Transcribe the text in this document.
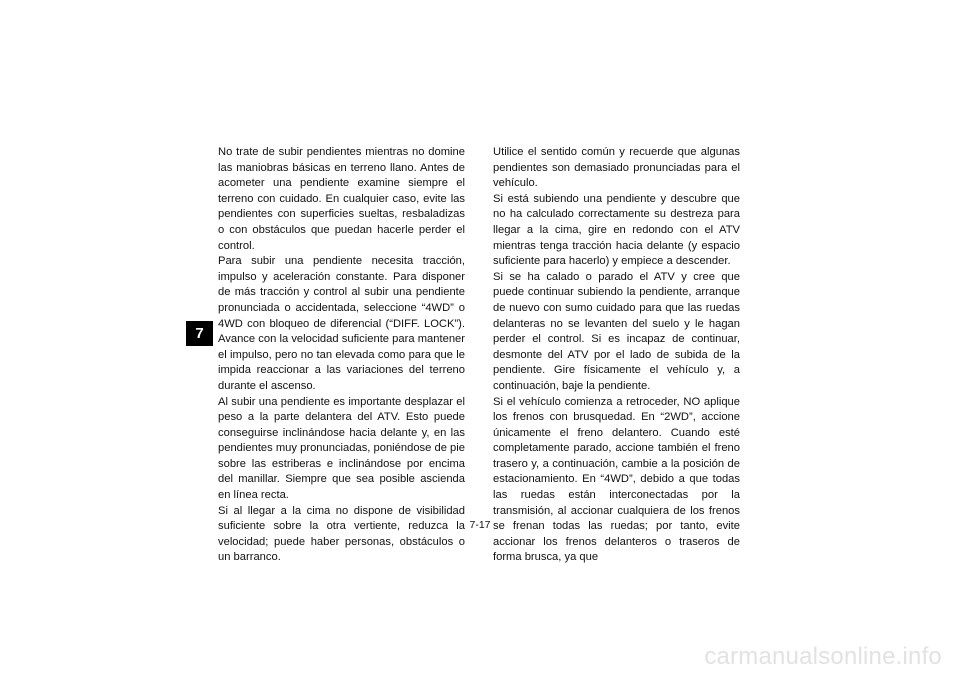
7

No trate de subir pendientes mientras no domine las maniobras básicas en terreno llano. Antes de acometer una pendiente examine siempre el terreno con cuidado. En cualquier caso, evite las pendientes con superficies sueltas, resbaladizas o con obstáculos que puedan hacerle perder el control.

Para subir una pendiente necesita tracción, impulso y aceleración constante. Para disponer de más tracción y control al subir una pendiente pronunciada o accidentada, seleccione “4WD” o 4WD con bloqueo de diferencial (“DIFF. LOCK”). Avance con la velocidad suficiente para mantener el impulso, pero no tan elevada como para que le impida reaccionar a las variaciones del terreno durante el ascenso.

Al subir una pendiente es importante desplazar el peso a la parte delantera del ATV. Esto puede conseguirse inclinándose hacia delante y, en las pendientes muy pronunciadas, poniéndose de pie sobre las estriberas e inclinándose por encima del manillar. Siempre que sea posible ascienda en línea recta.

Si al llegar a la cima no dispone de visibilidad suficiente sobre la otra vertiente, reduzca la velocidad; puede haber personas, obstáculos o un barranco.

Utilice el sentido común y recuerde que algunas pendientes son demasiado pronunciadas para el vehículo.

Si está subiendo una pendiente y descubre que no ha calculado correctamente su destreza para llegar a la cima, gire en redondo con el ATV mientras tenga tracción hacia delante (y espacio suficiente para hacerlo) y empiece a descender.

Si se ha calado o parado el ATV y cree que puede continuar subiendo la pendiente, arranque de nuevo con sumo cuidado para que las ruedas delanteras no se levanten del suelo y le hagan perder el control. Si es incapaz de continuar, desmonte del ATV por el lado de subida de la pendiente. Gire físicamente el vehículo y, a continuación, baje la pendiente.

Si el vehículo comienza a retroceder, NO aplique los frenos con brusquedad. En “2WD”, accione únicamente el freno delantero. Cuando esté completamente parado, accione también el freno trasero y, a continuación, cambie a la posición de estacionamiento. En “4WD”, debido a que todas las ruedas están interconectadas por la transmisión, al accionar cualquiera de los frenos se frenan todas las ruedas; por tanto, evite accionar los frenos delanteros o traseros de forma brusca, ya que

7-17
carmanualsonline.info
